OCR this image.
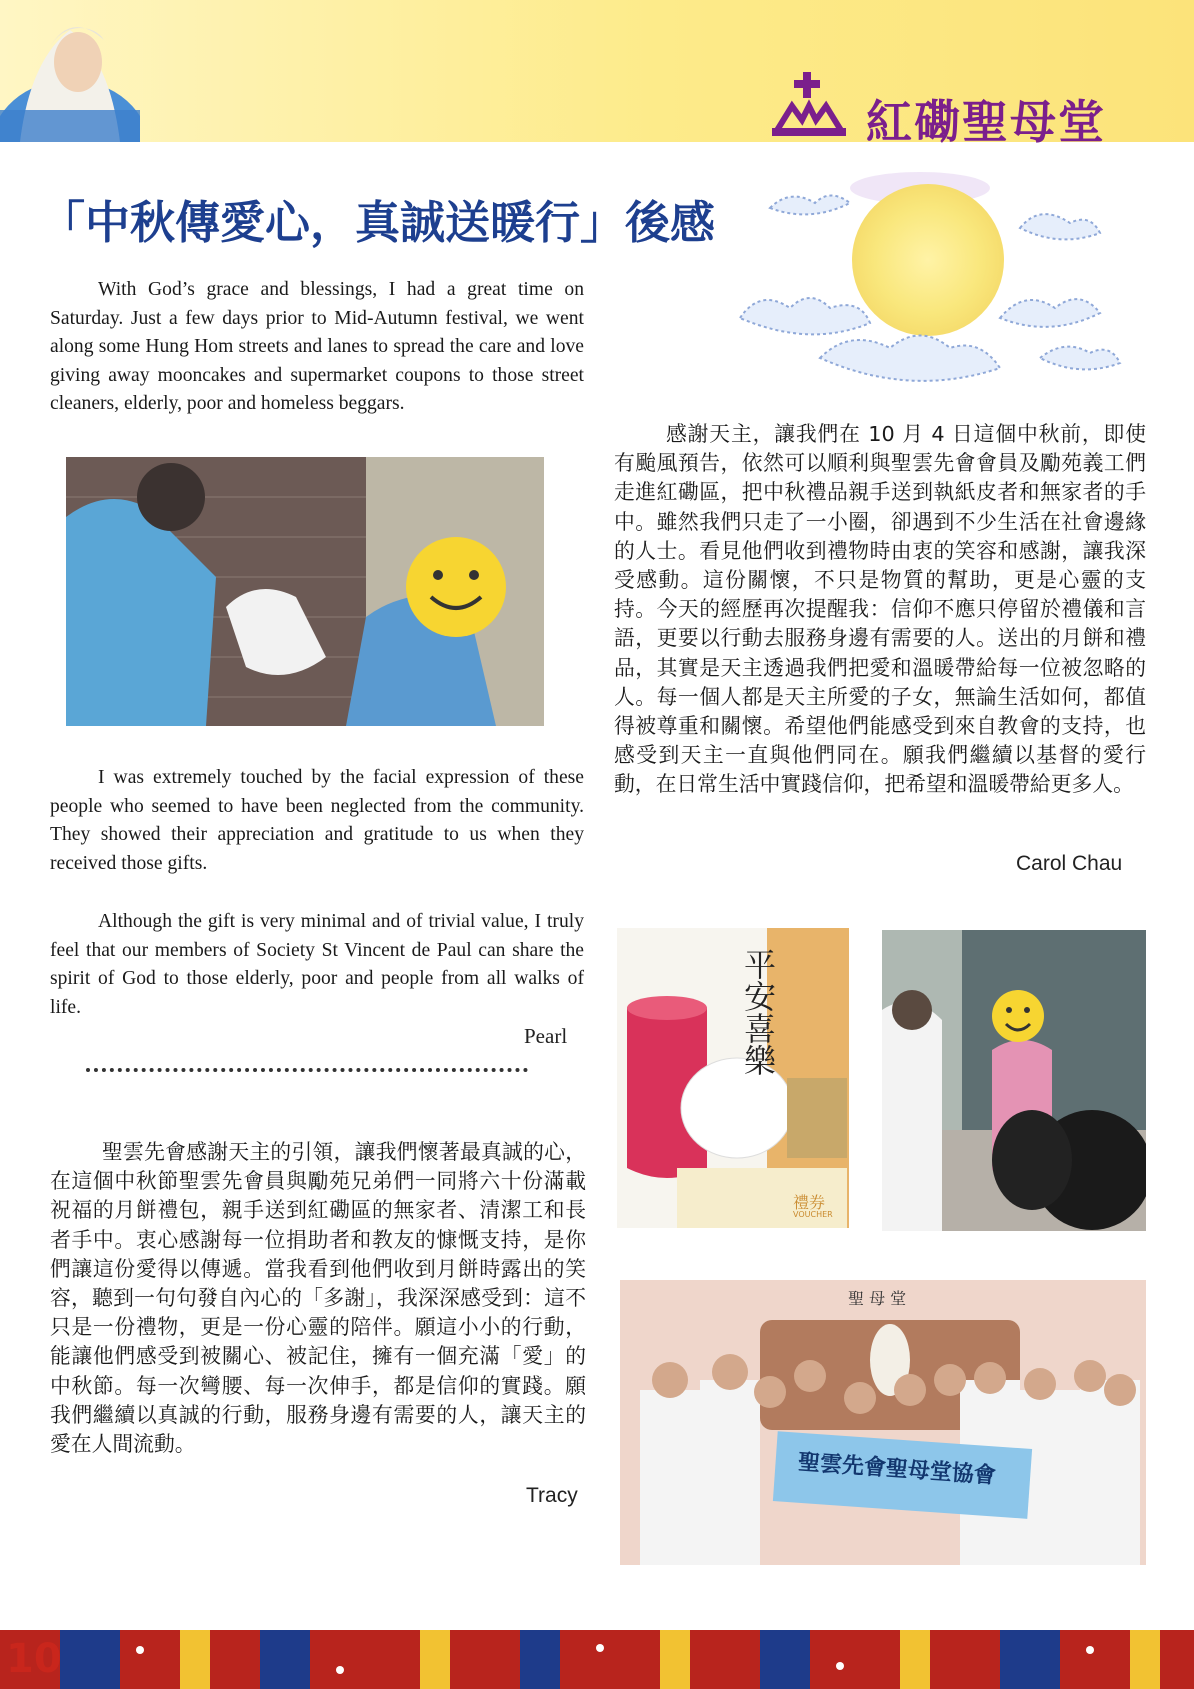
紅磡聖母堂
「中秋傳愛心，真誠送暖行」後感

With God’s grace and blessings, I had a great time on Saturday. Just a few days prior to Mid-Autumn festival, we went along some Hung Hom streets and lanes to spread the care and love giving away mooncakes and supermarket coupons to those street cleaners, elderly, poor and homeless beggars.

I was extremely touched by the facial expression of these people who seemed to have been neglected from the community. They showed their appreciation and gratitude to us when they received those gifts.

Although the gift is very minimal and of trivial value, I truly feel that our members of Society St Vincent de Paul can share the spirit of God to those elderly, poor and people from all walks of life.

Pearl

聖雲先會感謝天主的引領，讓我們懷著最真誠的心，在這個中秋節聖雲先會員與勵苑兄弟們一同將六十份滿載祝福的月餅禮包，親手送到紅磡區的無家者、清潔工和長者手中。衷心感謝每一位捐助者和教友的慷慨支持，是你們讓這份愛得以傳遞。當我看到他們收到月餅時露出的笑容，聽到一句句發自內心的「多謝」，我深深感受到：這不只是一份禮物，更是一份心靈的陪伴。願這小小的行動，能讓他們感受到被關心、被記住，擁有一個充滿「愛」的中秋節。每一次彎腰、每一次伸手，都是信仰的實踐。願我們繼續以真誠的行動，服務身邊有需要的人，讓天主的愛在人間流動。

Tracy

感謝天主，讓我們在 10 月 4 日這個中秋前，即使有颱風預告，依然可以順利與聖雲先會會員及勵苑義工們走進紅磡區，把中秋禮品親手送到執紙皮者和無家者的手中。雖然我們只走了一小圈，卻遇到不少生活在社會邊緣的人士。看見他們收到禮物時由衷的笑容和感謝，讓我深受感動。這份關懷，不只是物質的幫助，更是心靈的支持。今天的經歷再次提醒我：信仰不應只停留於禮儀和言語，更要以行動去服務身邊有需要的人。送出的月餅和禮品，其實是天主透過我們把愛和溫暖帶給每一位被忽略的人。每一個人都是天主所愛的子女，無論生活如何，都值得被尊重和關懷。希望他們能感受到來自教會的支持，也感受到天主一直與他們同在。願我們繼續以基督的愛行動，在日常生活中實踐信仰，把希望和溫暖帶給更多人。

Carol Chau
平安喜樂
禮券
VOUCHER
聖 母 堂
聖雲先會聖母堂協會
10
